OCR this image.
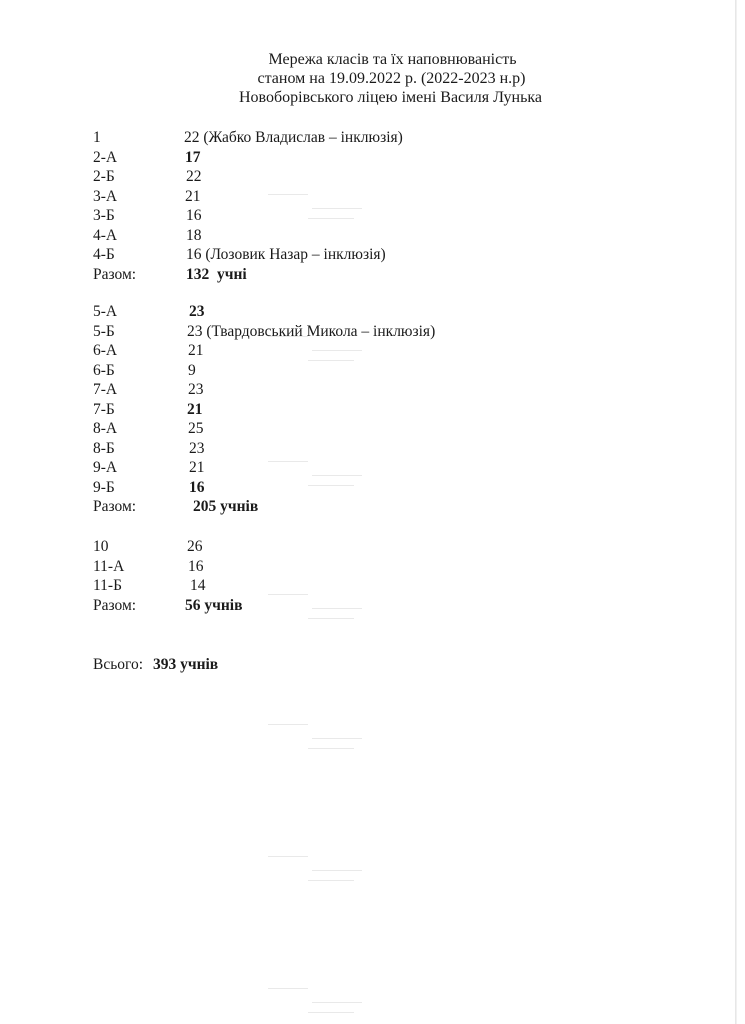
Мережа класів та їх наповнюваність
станом на 19.09.2022 р. (2022-2023 н.р)
Новоборівського ліцею імені Василя Лунька
1	22 (Жабко Владислав – інклюзія)
2-А	17
2-Б	22
3-А	21
3-Б	16
4-А	18
4-Б	16 (Лозовик Назар – інклюзія)
Разом:	132  учні
5-А	23
5-Б	23 (Твардовський Микола – інклюзія)
6-А	21
6-Б	9
7-А	23
7-Б	21
8-А	25
8-Б	23
9-А	21
9-Б	16
Разом:	205 учнів
10	26
11-А	16
11-Б	14
Разом:	56 учнів
Всього: 393 учнів
